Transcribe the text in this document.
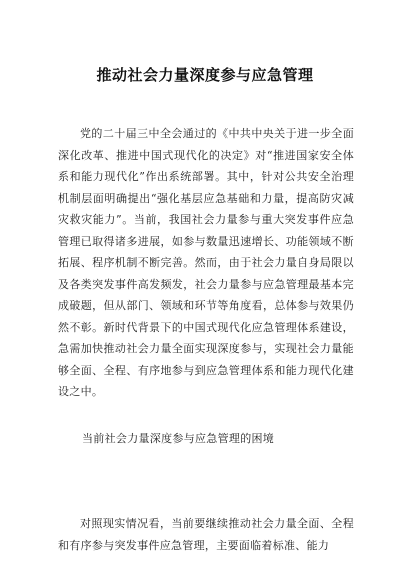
推动社会力量深度参与应急管理

党的二十届三中全会通过的《中共中央关于进一步全面深化改革、推进中国式现代化的决定》对“推进国家安全体系和能力现代化”作出系统部署。其中，针对公共安全治理机制层面明确提出“强化基层应急基础和力量，提高防灾减灾救灾能力”。当前，我国社会力量参与重大突发事件应急管理已取得诸多进展，如参与数量迅速增长、功能领域不断拓展、程序机制不断完善。然而，由于社会力量自身局限以及各类突发事件高发频发，社会力量参与应急管理最基本完成破题，但从部门、领域和环节等角度看，总体参与效果仍然不彰。新时代背景下的中国式现代化应急管理体系建设，急需加快推动社会力量全面实现深度参与，实现社会力量能够全面、全程、有序地参与到应急管理体系和能力现代化建设之中。

当前社会力量深度参与应急管理的困境

对照现实情况看，当前要继续推动社会力量全面、全程和有序参与突发事件应急管理，主要面临着标准、能力
